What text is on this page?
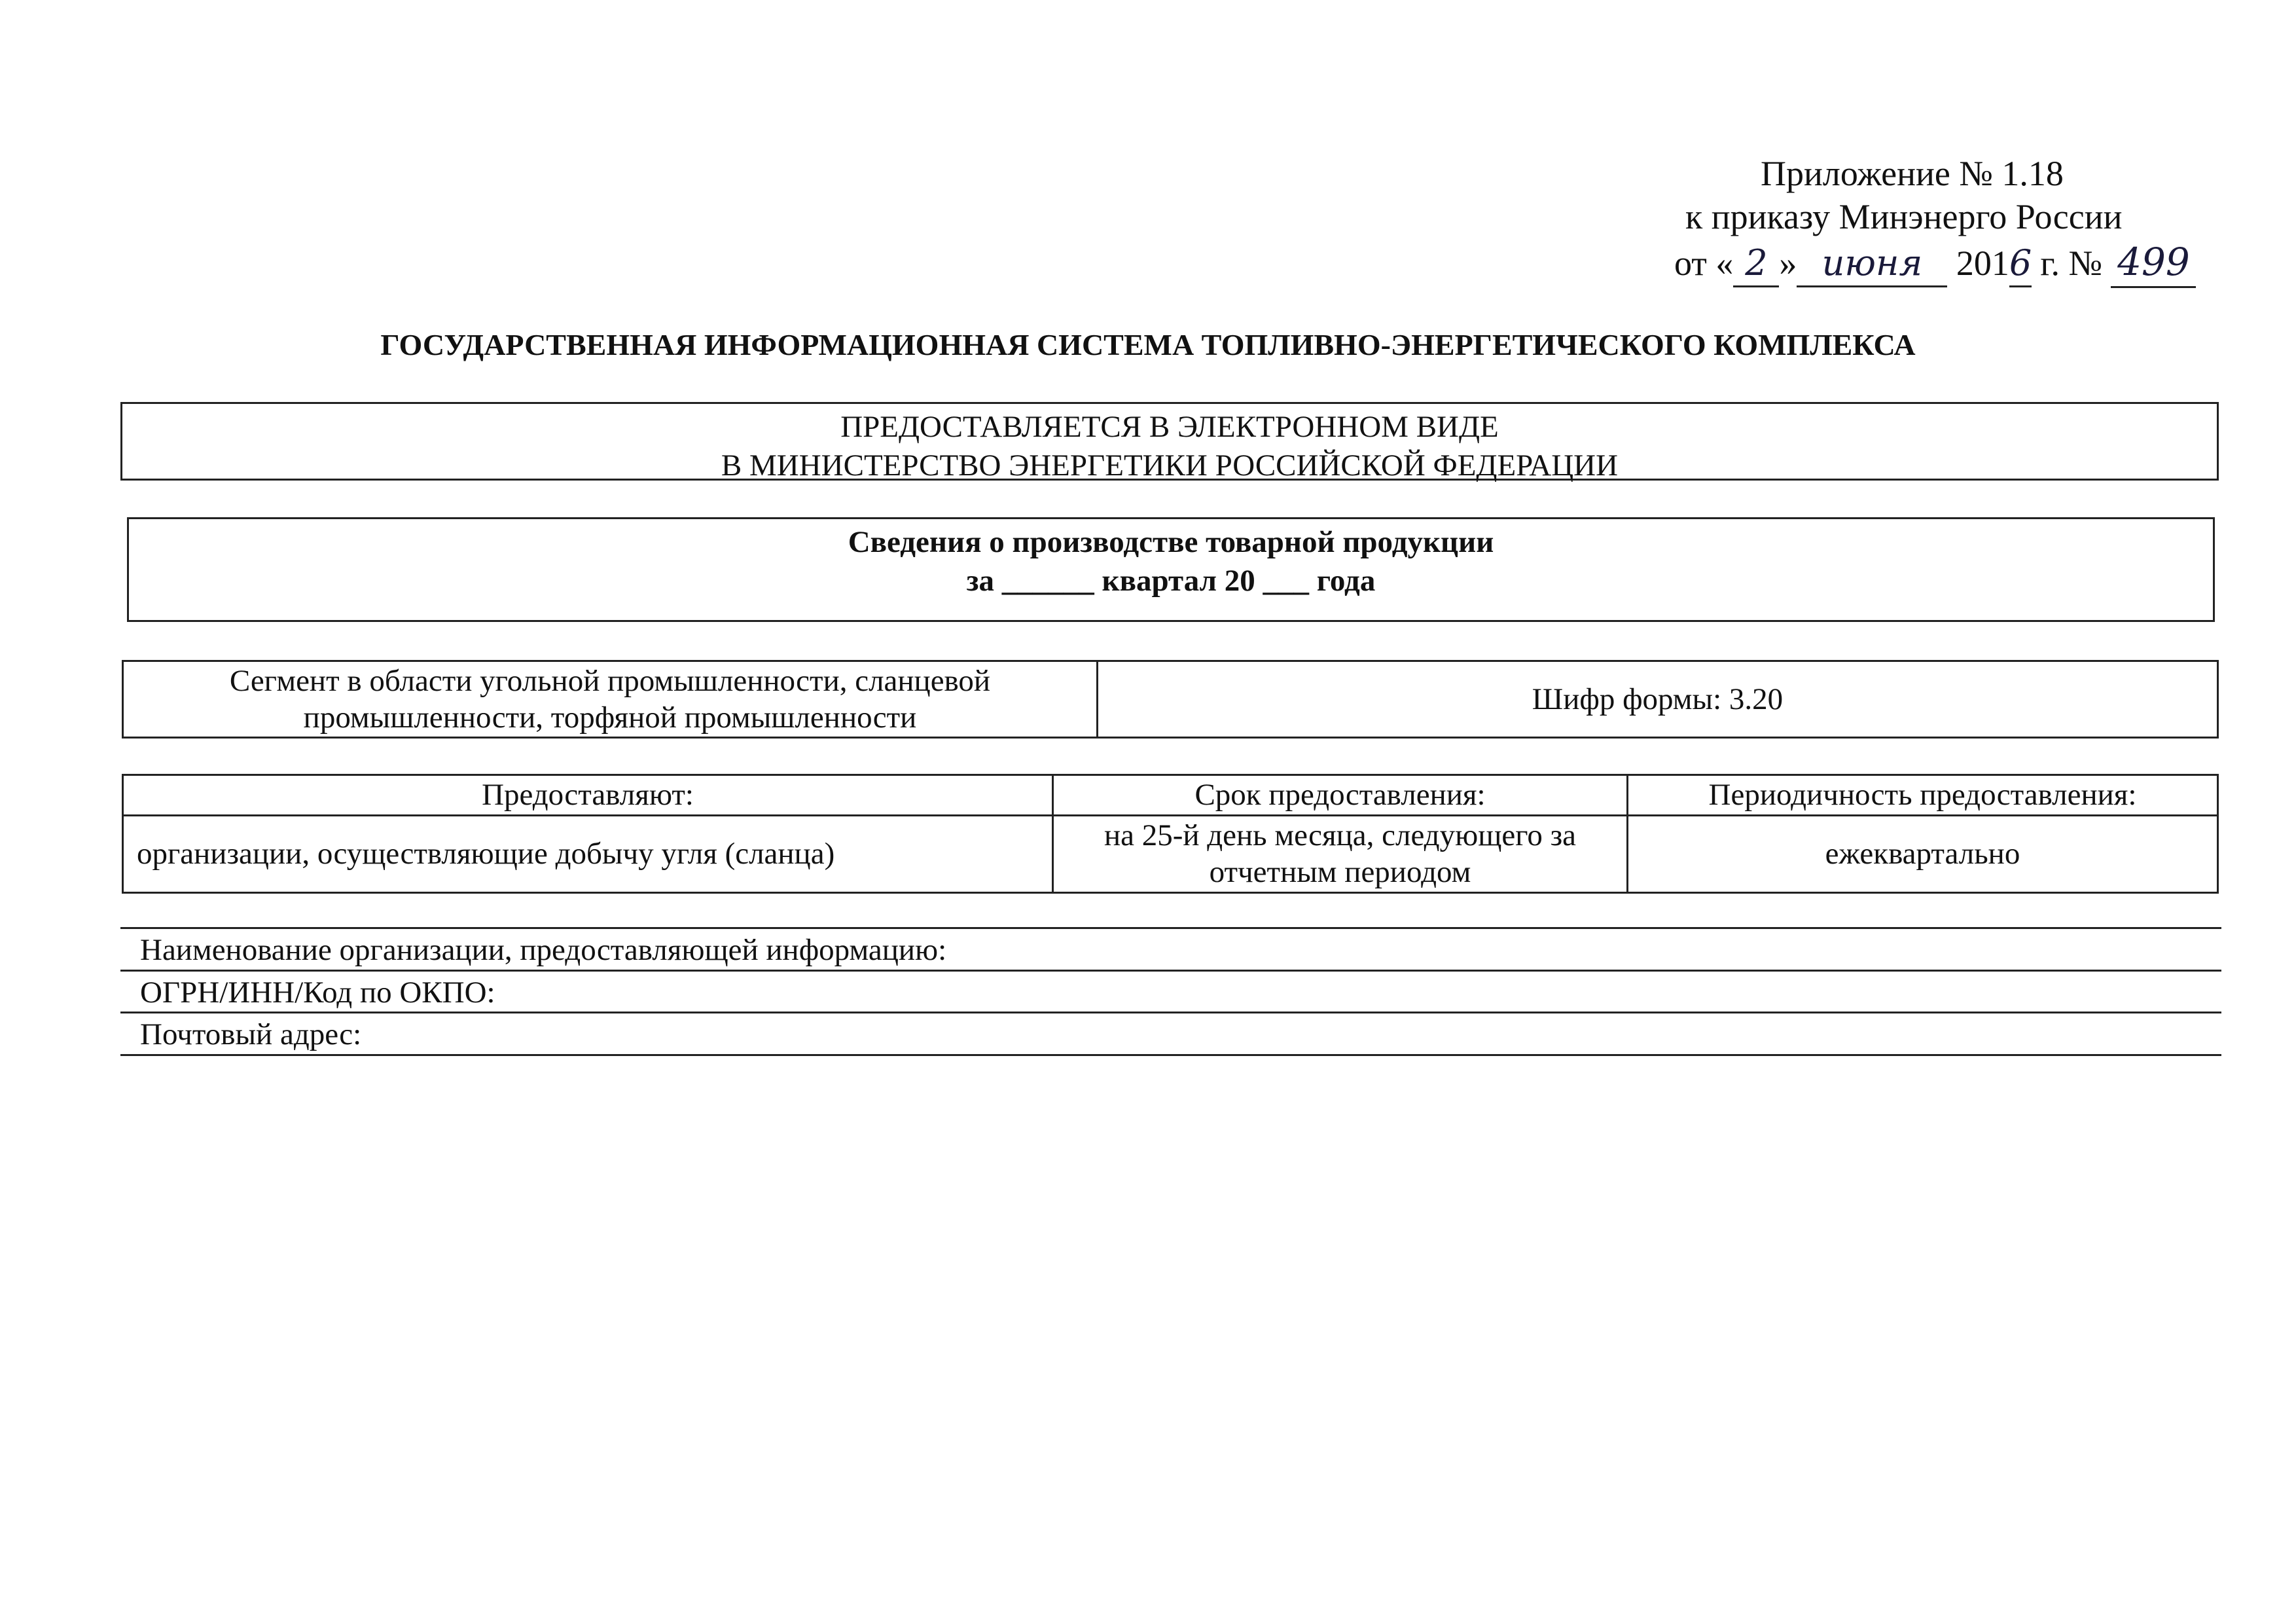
Приложение № 1.18
к приказу Минэнерго России
от « 2 » июня 2016 г. № 499
ГОСУДАРСТВЕННАЯ ИНФОРМАЦИОННАЯ СИСТЕМА ТОПЛИВНО-ЭНЕРГЕТИЧЕСКОГО КОМПЛЕКСА
ПРЕДОСТАВЛЯЕТСЯ В ЭЛЕКТРОННОМ ВИДЕ
В МИНИСТЕРСТВО ЭНЕРГЕТИКИ РОССИЙСКОЙ ФЕДЕРАЦИИ
Сведения о производстве товарной продукции
за ______ квартал 20 ___ года
Сегмент в области угольной промышленности, сланцевой промышленности, торфяной промышленности	Шифр формы: 3.20
Предоставляют:	Срок предоставления:	Периодичность предоставления:
организации, осуществляющие добычу угля (сланца)	на 25-й день месяца, следующего за отчетным периодом	ежеквартально
Наименование организации, предоставляющей информацию:
ОГРН/ИНН/Код по ОКПО:
Почтовый адрес:
